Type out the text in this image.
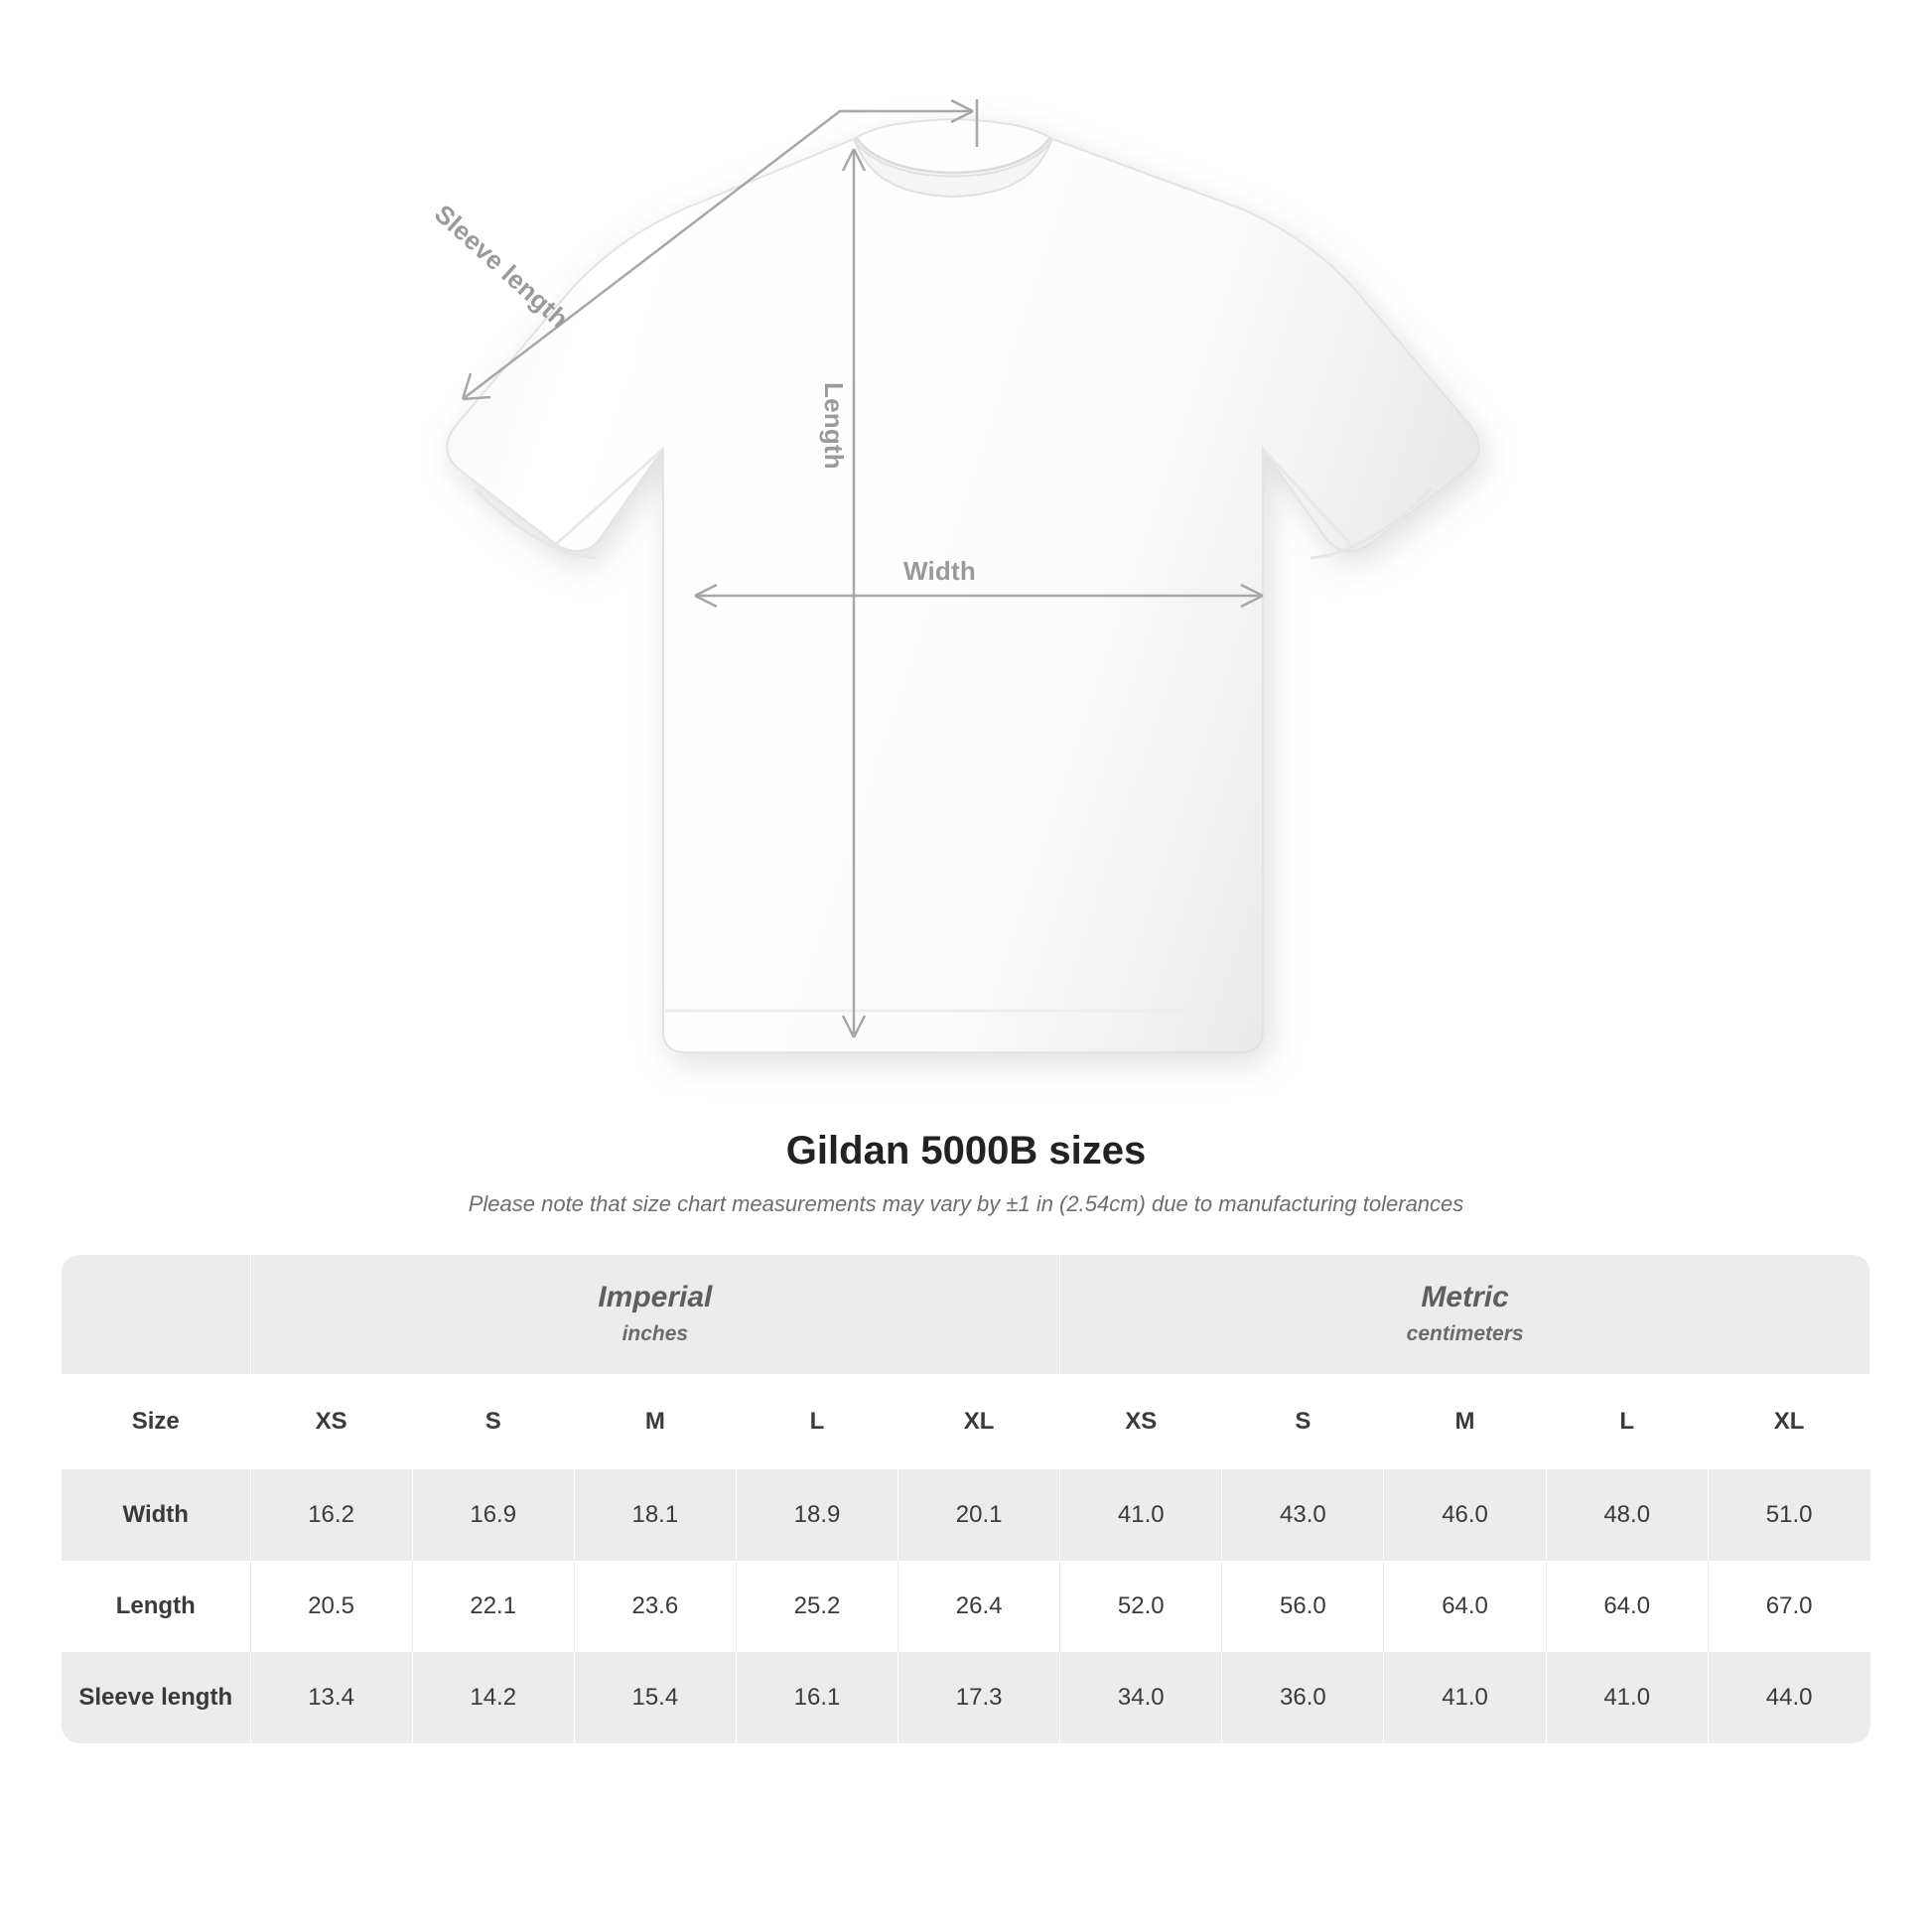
Width
Length
Sleeve length
Gildan 5000B sizes

Please note that size chart measurements may vary by ±1 in (2.54cm) due to manufacturing tolerances

	Imperial
inches					Metric
centimeters				

Size	XS	S	M	L	XL	XS	S	M	L	XL
Width	16.2	16.9	18.1	18.9	20.1	41.0	43.0	46.0	48.0	51.0
Length	20.5	22.1	23.6	25.2	26.4	52.0	56.0	64.0	64.0	67.0
Sleeve length	13.4	14.2	15.4	16.1	17.3	34.0	36.0	41.0	41.0	44.0
